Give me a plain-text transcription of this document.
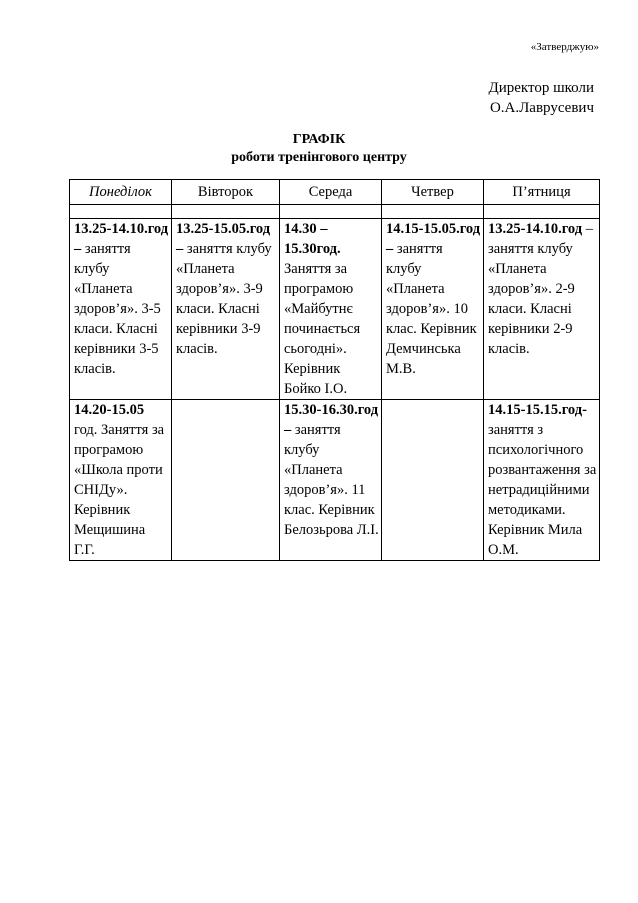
«Затверджую»
Директор школи
О.А.Лаврусевич
ГРАФІК
роботи тренінгового центру
Понеділок	Вівторок	Середа	Четвер	П’ятниця

13.25-14.10.год – заняття клубу «Планета здоров’я». 3-5 класи. Класні керівники 3-5 класів.	13.25-15.05.год – заняття клубу «Планета здоров’я». 3-9 класи. Класні керівники 3-9 класів.	14.30 – 15.30год. Заняття за програмою «Майбутнє починається сьогодні». Керівник Бойко І.О.	14.15-15.05.год – заняття клубу «Планета здоров’я». 10 клас. Керівник Демчинська М.В.	13.25-14.10.год – заняття клубу «Планета здоров’я». 2-9 класи. Класні керівники 2-9 класів.
14.20-15.05 год. Заняття за програмою «Школа проти СНІДу». Керівник Мещишина Г.Г.		15.30-16.30.год – заняття клубу «Планета здоров’я». 11 клас. Керівник Белозьрова Л.І.		14.15-15.15.год- заняття з психологічного розвантаження за нетрадиційними методиками. Керівник Мила О.М.
